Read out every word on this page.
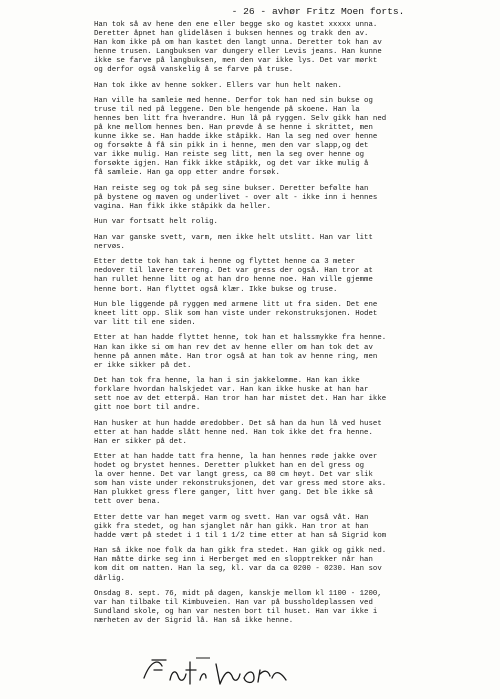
- 26 - avhør Fritz Moen forts.
Han tok så av hene den ene eller begge sko og kastet xxxxx unna.
Deretter åpnet han glidelåsen i buksen hennes og trakk den av.
Han kom ikke på om han kastet den langt unna. Deretter tok han av
henne trusen. Langbuksen var dungery eller Levis jeans. Han kunne
ikke se farve på langbuksen, men den var ikke lys. Det var mørkt
og derfor også vanskelig å se farve på truse.
Han tok ikke av henne sokker. Ellers var hun helt naken.
Han ville ha samleie med henne. Derfor tok han ned sin bukse og
truse til ned på leggene. Den ble hengende på skoene. Han la
hennes ben litt fra hverandre. Hun lå på ryggen. Selv gikk han ned
på kne mellom hennes ben. Han prøvde å se henne i skrittet, men
kunne ikke se. Han hadde ikke ståpikk. Han la seg ned over henne
og forsøkte å få sin pikk in i henne, men den var slapp,og det
var ikke mulig. Han reiste seg litt, men la seg over henne og
forsøkte igjen. Han fikk ikke ståpikk, og det var ikke mulig å
få samleie. Han ga opp etter andre forsøk.
Han reiste seg og tok på seg sine bukser. Deretter befølte han
på bystene og maven og underlivet - over alt - ikke inn i hennes
vagina. Han fikk ikke ståpikk da heller.
Hun var fortsatt helt rolig.
Han var ganske svett, varm, men ikke helt utslitt. Han var litt
nervøs.
Etter dette tok han tak i henne og flyttet henne ca 3 meter
nedover til lavere terreng. Det var gress der også. Han tror at
han rullet henne litt og at han dro henne noe. Han ville gjemme
henne bort. Han flyttet også klær. Ikke bukse og truse.
Hun ble liggende på ryggen med armene litt ut fra siden. Det ene
kneet litt opp. Slik som han viste under rekonstruksjonen. Hodet
var litt til ene siden.
Etter at han hadde flyttet henne, tok han et halssmykke fra henne.
Han kan ikke si om han rev det av henne eller om han tok det av
henne på annen måte. Han tror også at han tok av henne ring, men
er ikke sikker på det.
Det han tok fra henne, la han i sin jakkelomme. Han kan ikke
forklare hvordan halskjedet var. Han kan ikke huske at han har
sett noe av det etterpå. Han tror han har mistet det. Han har ikke
gitt noe bort til andre.
Han husker at hun hadde øredobber. Det så han da hun lå ved huset
etter at han hadde slått henne ned. Han tok ikke det fra henne.
Han er sikker på det.
Etter at han hadde tatt fra henne, la han hennes røde jakke over
hodet og brystet hennes. Deretter plukket han en del gress og
la over henne. Det var langt gress, ca 80 cm høyt. Det var slik
som han viste under rekonstruksjonen, det var gress med store aks.
Han plukket gress flere ganger, litt hver gang. Det ble ikke så
tett over bena.
Etter dette var han meget varm og svett. Han var også våt. Han
gikk fra stedet, og han sjanglet når han gikk. Han tror at han
hadde vært på stedet i 1 til 1 1/2 time etter at han så Sigrid kom
Han så ikke noe folk da han gikk fra stedet. Han gikk og gikk ned.
Han måtte dirke seg inn i Herberget med en slopptrekker når han
kom dit om natten. Han la seg, kl. var da ca 0200 - 0230. Han sov
dårlig.
Onsdag 8. sept. 76, midt på dagen, kanskje mellom kl 1100 - 1200,
var han tilbake til Kimbuveien. Han var på bussholdeplassen ved
Sundland skole, og han var nesten bort til huset. Han var ikke i
nærheten av der Sigrid lå. Han så ikke henne.
